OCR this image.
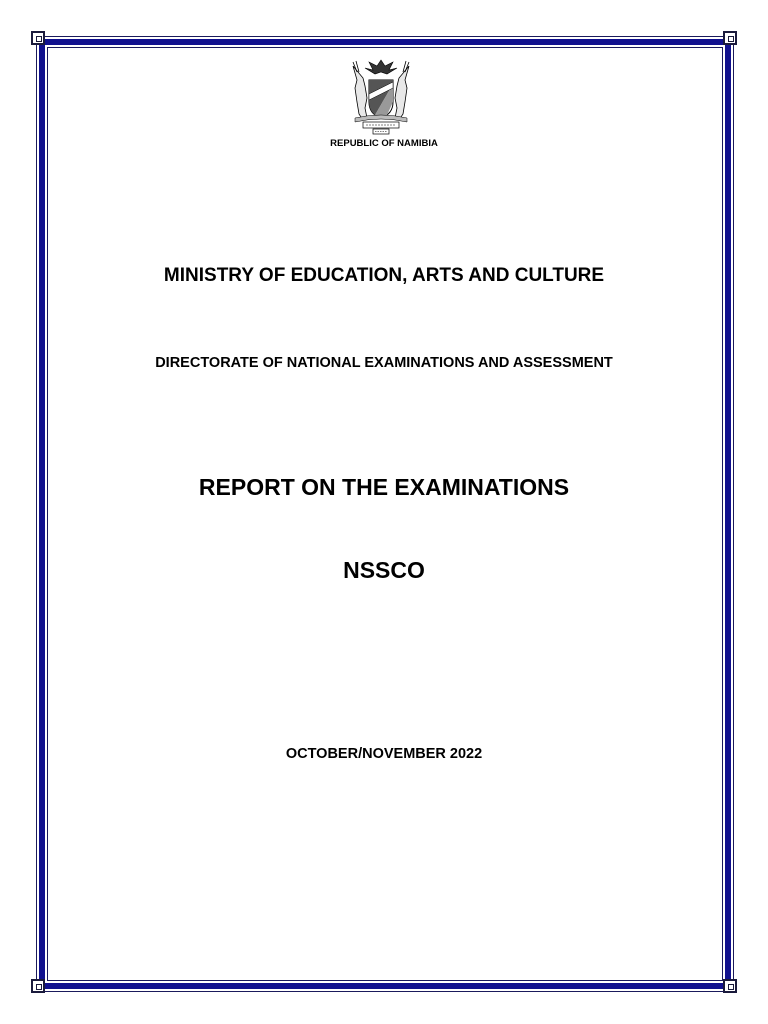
REPUBLIC OF NAMIBIA
MINISTRY OF EDUCATION, ARTS AND CULTURE
DIRECTORATE OF NATIONAL EXAMINATIONS AND ASSESSMENT
REPORT ON THE EXAMINATIONS
NSSCO
OCTOBER/NOVEMBER 2022
